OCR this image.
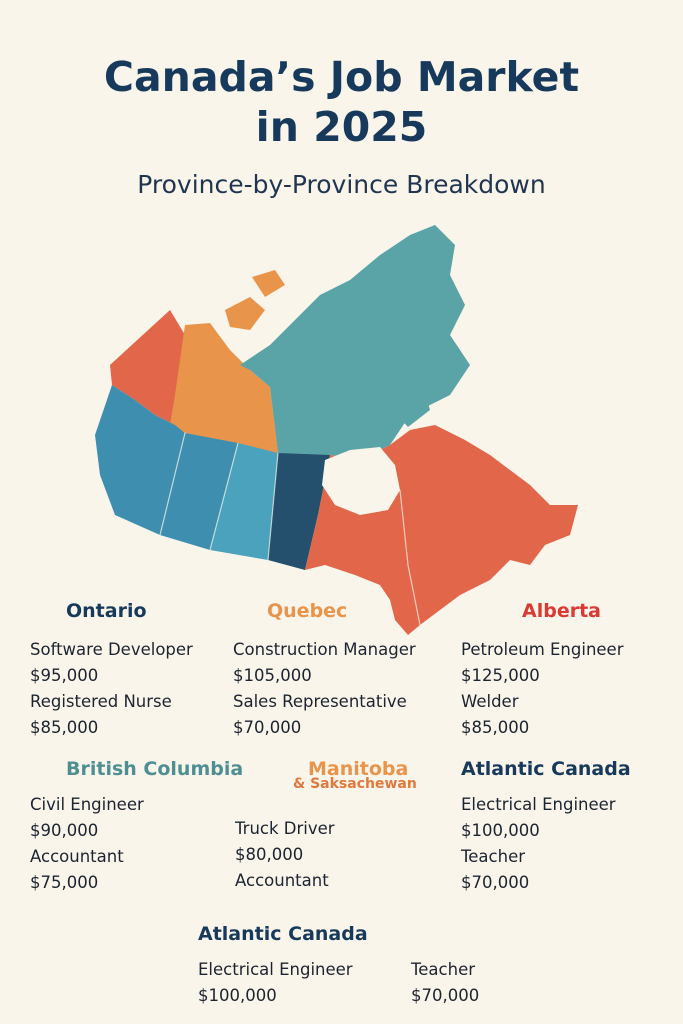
Canada’s Job Market
in 2025

Province-by-Province Breakdown

Ontario

Software Developer

$95,000

Registered Nurse

$85,000

Quebec

Construction Manager

$105,000

Sales Representative

$70,000

Alberta

Petroleum Engineer

$125,000

Welder

$85,000

British Columbia

Civil Engineer

$90,000

Accountant

$75,000

Manitoba
& Saksachewan

Truck Driver

$80,000

Accountant

Atlantic Canada

Electrical Engineer

$100,000

Teacher

$70,000

Atlantic Canada

Electrical Engineer

$100,000

Teacher

$70,000
